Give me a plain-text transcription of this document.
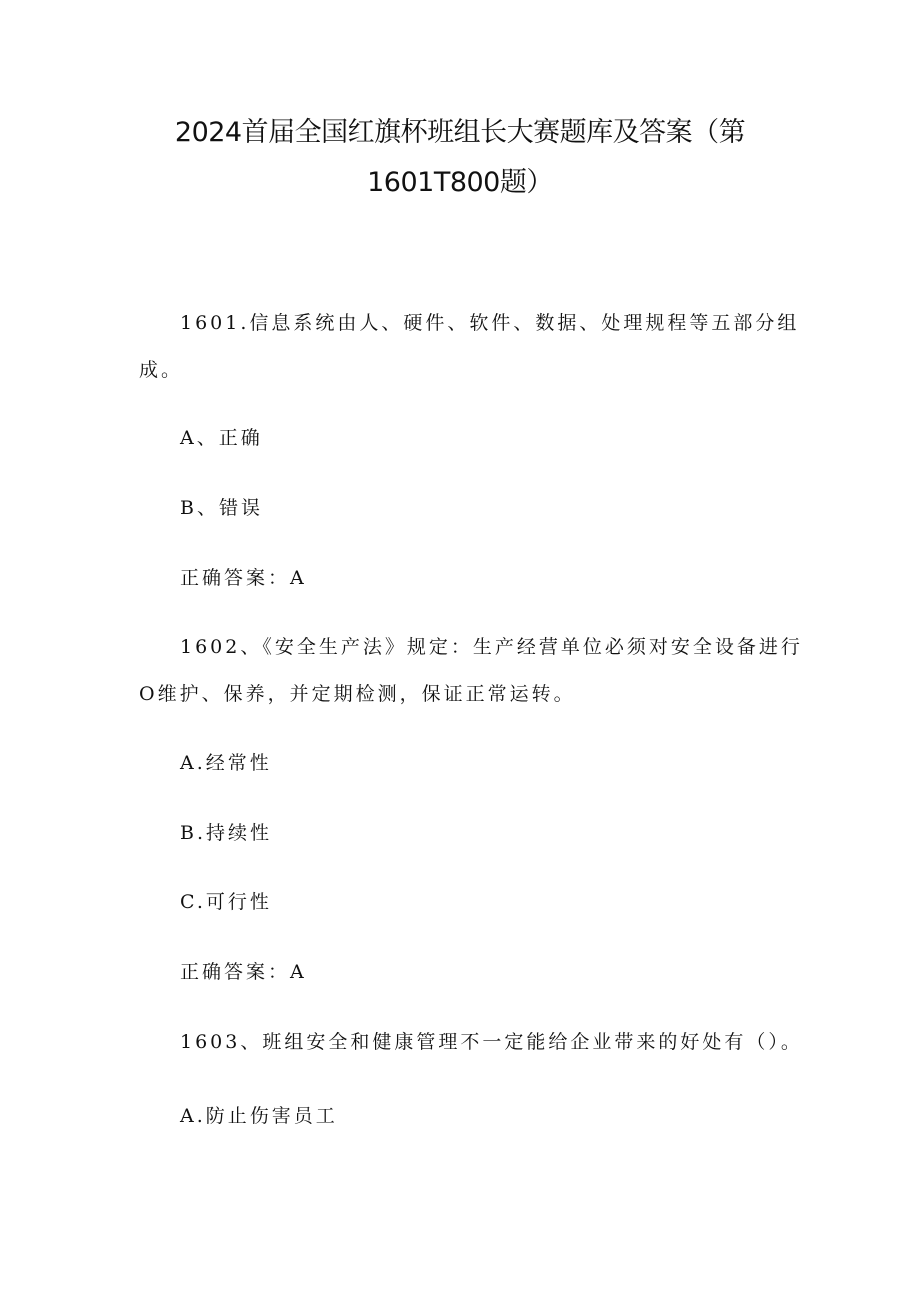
2024首届全国红旗杯班组长大赛题库及答案（第
1601T800题）

1601.信息系统由人、硬件、软件、数据、处理规程等五部分组

成。

A、正确

B、错误

正确答案：A

1602、《安全生产法》规定：生产经营单位必须对安全设备进行

O维护、保养，并定期检测，保证正常运转。

A.经常性

B.持续性

C.可行性

正确答案：A

1603、班组安全和健康管理不一定能给企业带来的好处有（）。

A.防止伤害员工
